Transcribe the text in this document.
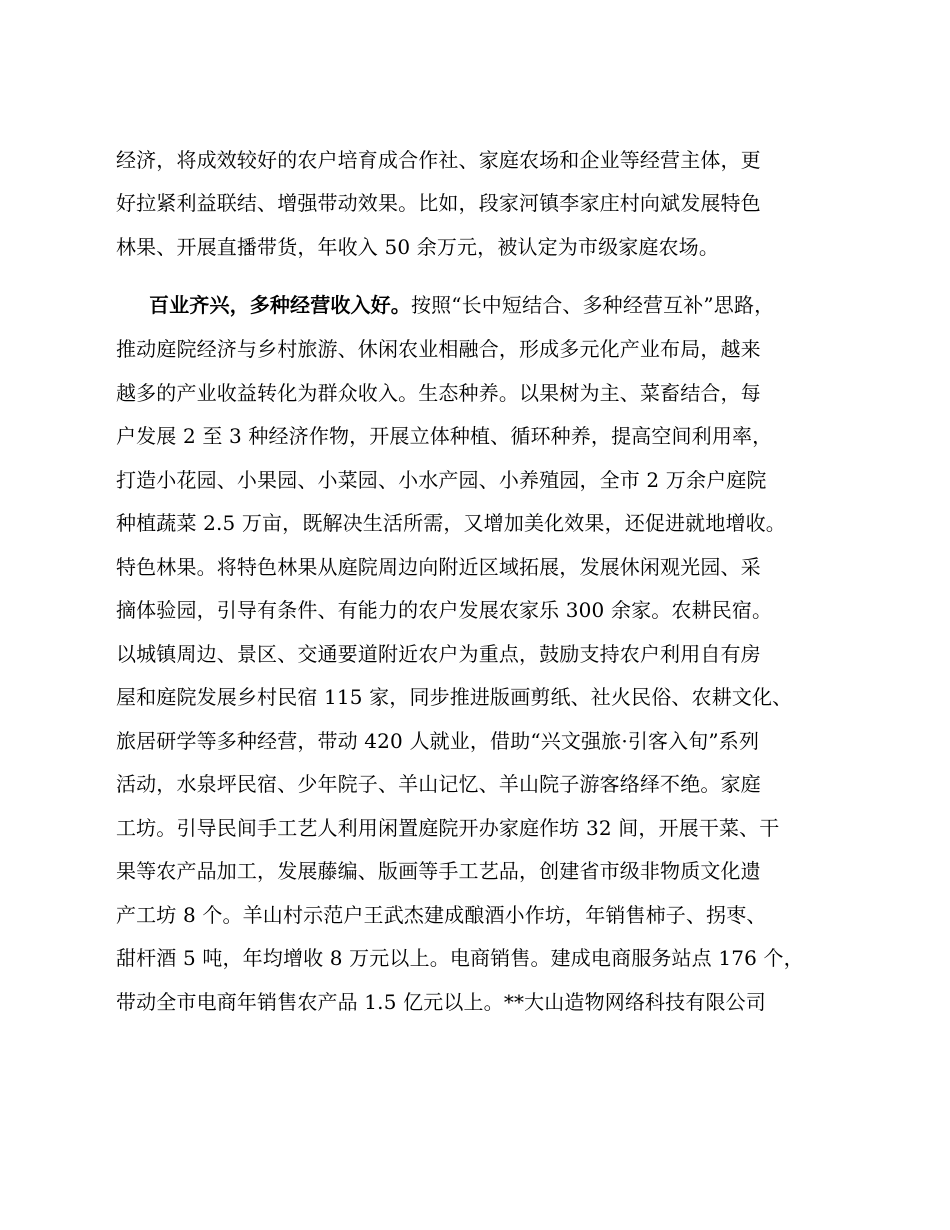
经济，将成效较好的农户培育成合作社、家庭农场和企业等经营主体，更
好拉紧利益联结、增强带动效果。比如，段家河镇李家庄村向斌发展特色
林果、开展直播带货，年收入 50 余万元，被认定为市级家庭农场。
百业齐兴，多种经营收入好。按照“长中短结合、多种经营互补”思路，
推动庭院经济与乡村旅游、休闲农业相融合，形成多元化产业布局，越来
越多的产业收益转化为群众收入。生态种养。以果树为主、菜畜结合，每
户发展 2 至 3 种经济作物，开展立体种植、循环种养，提高空间利用率，
打造小花园、小果园、小菜园、小水产园、小养殖园，全市 2 万余户庭院
种植蔬菜 2.5 万亩，既解决生活所需，又增加美化效果，还促进就地增收。
特色林果。将特色林果从庭院周边向附近区域拓展，发展休闲观光园、采
摘体验园，引导有条件、有能力的农户发展农家乐 300 余家。农耕民宿。
以城镇周边、景区、交通要道附近农户为重点，鼓励支持农户利用自有房
屋和庭院发展乡村民宿 115 家，同步推进版画剪纸、社火民俗、农耕文化、
旅居研学等多种经营，带动 420 人就业，借助“兴文强旅·引客入旬”系列
活动，水泉坪民宿、少年院子、羊山记忆、羊山院子游客络绎不绝。家庭
工坊。引导民间手工艺人利用闲置庭院开办家庭作坊 32 间，开展干菜、干
果等农产品加工，发展藤编、版画等手工艺品，创建省市级非物质文化遗
产工坊 8 个。羊山村示范户王武杰建成酿酒小作坊，年销售柿子、拐枣、
甜杆酒 5 吨，年均增收 8 万元以上。电商销售。建成电商服务站点 176 个，
带动全市电商年销售农产品 1.5 亿元以上。**大山造物网络科技有限公司
